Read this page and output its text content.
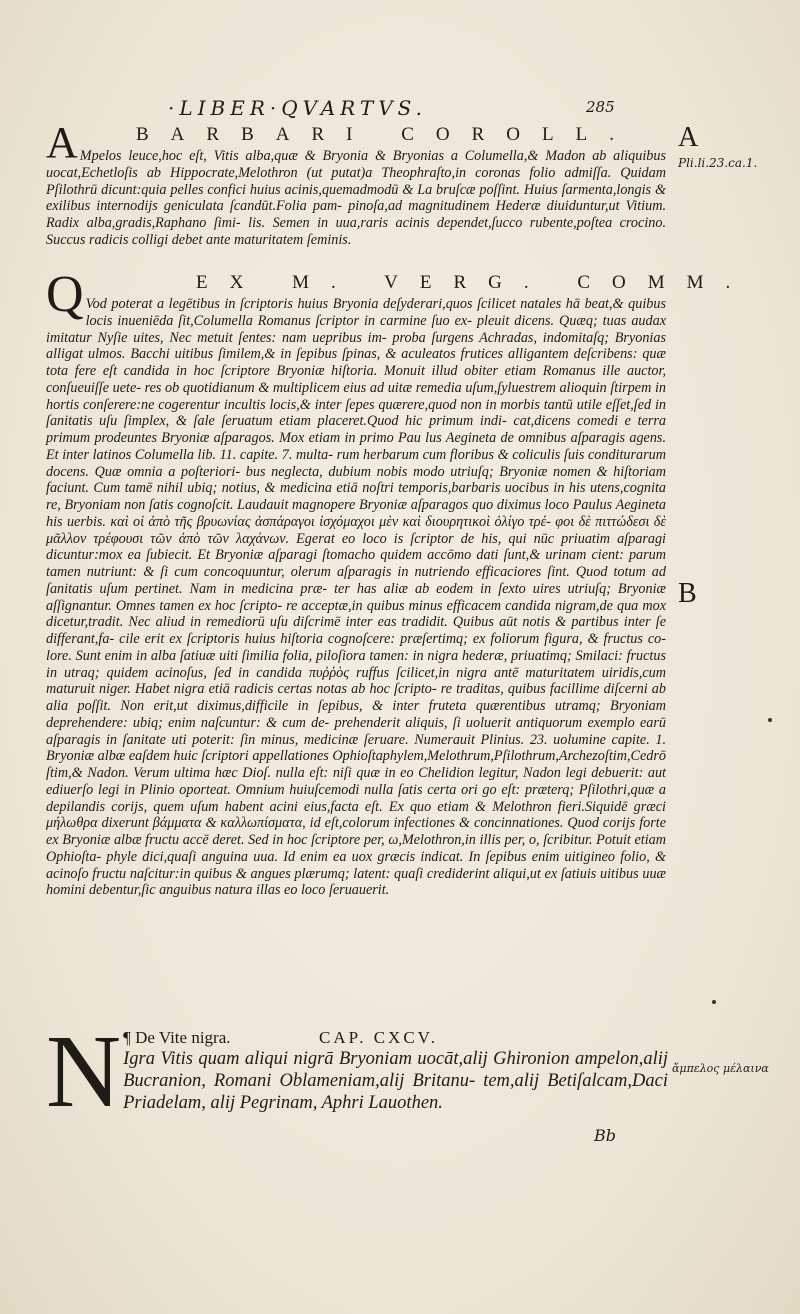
·LIBER·QVARTVS.	285
A
Pli.li.23.ca.1.
B
ἄμπελος μέλαινα
BARBARI COROLL.
A Mpelos leuce,hoc eſt, Vitis alba,quæ & Bryonia & Bryonias a Columella,& Madon ab aliquibus uocat,Echetloſis ab Hippocrate,Melothron (ut putat)a Theophraſto,in coronas folio admiſſa. Quidam Pſilothrū dicunt:quia pelles confici huius acinis,quemadmodū & La bruſcæ poſſint. Huius ſarmenta,longis & exilibus internodijs geniculata ſcandūt.Folia pam- pinoſa,ad magnitudinem Hederæ diuiduntur,ut Vitium. Radix alba,gradis,Raphano ſimi- lis. Semen in uua,raris acinis dependet,ſucco rubente,poſtea crocino. Succus radicis colligi debet ante maturitatem ſeminis.

EX M. VERG. COMM.
Q Vod poterat a legētibus in ſcriptoris huius Bryonia deſyderari,quos ſcilicet natales hā beat,& quibus locis inueniēda ſit,Columella Romanus ſcriptor in carmine ſuo ex- pleuit dicens. Quæq; tuas audax imitatur Nyſie uites, Nec metuit ſentes: nam uepribus im- proba ſurgens Achradas, indomitaſq; Bryonias alligat ulmos. Bacchi uitibus ſimilem,& in ſepibus ſpinas, & aculeatos frutices alligantem deſcribens: quæ tota fere eſt candida in hoc ſcriptore Bryoniæ hiſtoria. Monuit illud obiter etiam Romanus ille auctor, conſueuiſſe uete- res ob quotidianum & multiplicem eius ad uitæ remedia uſum,ſyluestrem alioquin ſtirpem in hortis conſerere:ne cogerentur incultis locis,& inter ſepes quærere,quod non in morbis tantū utile eſſet,ſed in ſanitatis uſu ſimplex, & ſale ſeruatum etiam placeret.Quod hic primum indi- cat,dicens comedi e terra primum prodeuntes Bryoniæ aſparagos. Mox etiam in primo Pau lus Aegineta de omnibus aſparagis agens. Et inter latinos Columella lib. 11. capite. 7. multa- rum herbarum cum floribus & coliculis ſuis conditurarum docens. Quæ omnia a poſteriori- bus neglecta, dubium nobis modo utriuſq; Bryoniæ nomen & hiſtoriam faciunt. Cum tamē nihil ubiq; notius, & medicina etiā noſtri temporis,barbaris uocibus in his utens,cognita re, Bryoniam non ſatis cognoſcit. Laudauit magnopere Bryoniæ aſparagos quo diximus loco Paulus Aegineta his uerbis. καὶ οἱ ἀπὸ τῆς βρυωνίας ἀσπάραγοι ἰσχόμαχοι μὲν καὶ διουρητικοὶ ὀλίγο τρέ- φοι δὲ πιττώδεσι δὲ μᾶλλον τρέφουσι τῶν ἀπὸ τῶν λαχάνων. Egerat eo loco is ſcriptor de his, qui nūc priuatim aſparagi dicuntur:mox ea ſubiecit. Et Bryoniæ aſparagi ſtomacho quidem accōmo dati ſunt,& urinam cient: parum tamen nutriunt: & ſi cum concoquuntur, olerum aſparagis in nutriendo efficaciores ſint. Quod totum ad ſanitatis uſum pertinet. Nam in medicina præ- ter has aliæ ab eodem in ſexto uires utriuſq; Bryoniæ aſſignantur. Omnes tamen ex hoc ſcripto- re acceptæ,in quibus minus efficacem candida nigram,de qua mox dicetur,tradit. Nec aliud in remediorū uſu diſcrimē inter eas tradidit. Quibus aūt notis & partibus inter ſe differant,fa- cile erit ex ſcriptoris huius hiſtoria cognoſcere: præſertimq; ex foliorum figura, & fructus co- lore. Sunt enim in alba ſatiuæ uiti ſimilia folia, piloſiora tamen: in nigra hederæ, priuatimq; Smilaci: fructus in utraq; quidem acinoſus, ſed in candida πυῤῥὸς ruffus ſcilicet,in nigra antē maturitatem uiridis,cum maturuit niger. Habet nigra etiā radicis certas notas ab hoc ſcripto- re traditas, quibus facillime diſcerni ab alia poſſit. Non erit,ut diximus,difficile in ſepibus, & inter fruteta quærentibus utramq; Bryoniam deprehendere: ubiq; enim naſcuntur: & cum de- prehenderit aliquis, ſi uoluerit antiquorum exemplo earū aſparagis in ſanitate uti poterit: ſin minus, medicinæ ſeruare. Numerauit Plinius. 23. uolumine capite. 1. Bryoniæ albæ eaſdem huic ſcriptori appellationes Ophioſtaphylem,Melothrum,Pſilothrum,Archezoſtim,Cedrō ſtim,& Nadon. Verum ultima hæc Dioſ. nulla eſt: niſi quæ in eo Chelidion legitur, Nadon legi debuerit: aut ediuerſo legi in Plinio oporteat. Omnium huiuſcemodi nulla ſatis certa ori go eſt: præterq; Pſilothri,quæ a depilandis corijs, quem uſum habent acini eius,facta eſt. Ex quo etiam & Melothron fieri.Siquidē græci μήλωθρα dixerunt βάμματα & καλλωπίσματα, id eſt,colorum infectiones & concinnationes. Quod corijs forte ex Bryoniæ albæ fructu accē deret. Sed in hoc ſcriptore per, ω,Melothron,in illis per, ο, ſcribitur. Potuit etiam Ophioſta- phyle dici,quaſi anguina uua. Id enim ea uox græcis indicat. In ſepibus enim uitigineo folio, & acinoſo fructu naſcitur:in quibus & angues plærumq; latent: quaſi crediderint aliqui,ut ex ſatiuis uitibus uuæ homini debentur,ſic anguibus natura illas eo loco ſeruauerit.

N ¶ De Vite nigra.	CAP. CXCV.

Igra Vitis quam aliqui nigrā Bryoniam uocāt,alij Ghironion ampelon,alij Bucranion, Romani Oblameniam,alij Britanu- tem,alij Betiſalcam,Daci Priadelam, alij Pegrinam, Aphri Lauothen.

Bb
